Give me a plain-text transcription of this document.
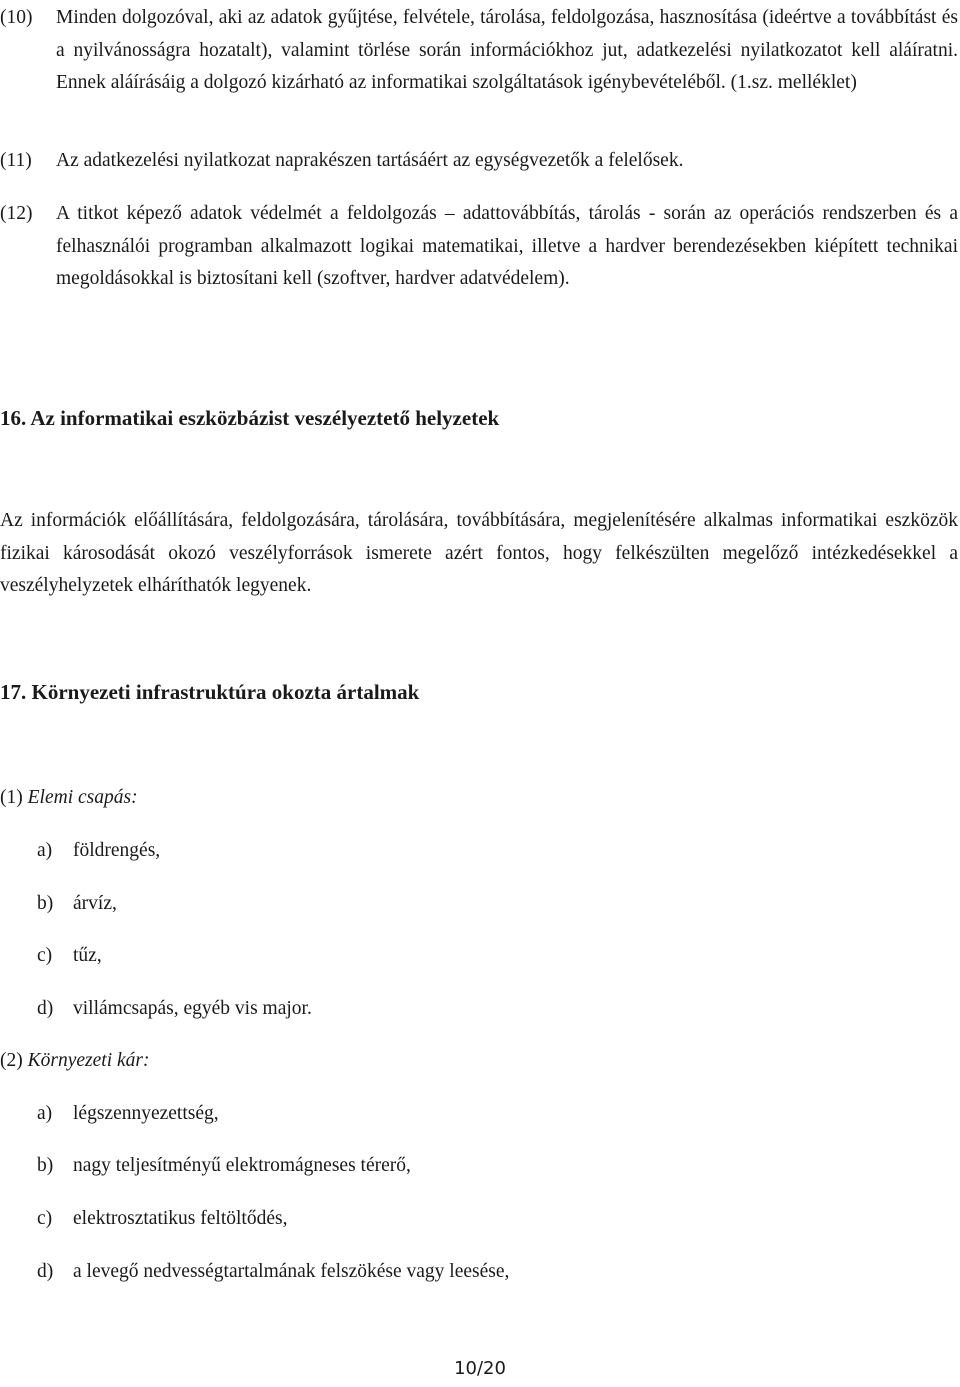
(10) Minden dolgozóval, aki az adatok gyűjtése, felvétele, tárolása, feldolgozása, hasznosítása (ideértve a továbbítást és a nyilvánosságra hozatalt), valamint törlése során információkhoz jut, adatkezelési nyilatkozatot kell aláíratni. Ennek aláírásáig a dolgozó kizárható az informatikai szolgáltatások igénybevételéből. (1.sz. melléklet)
(11) Az adatkezelési nyilatkozat naprakészen tartásáért az egységvezetők a felelősek.
(12) A titkot képező adatok védelmét a feldolgozás – adattovábbítás, tárolás - során az operációs rendszerben és a felhasználói programban alkalmazott logikai matematikai, illetve a hardver berendezésekben kiépített technikai megoldásokkal is biztosítani kell (szoftver, hardver adatvédelem).
16. Az informatikai eszközbázist veszélyeztető helyzetek
Az információk előállítására, feldolgozására, tárolására, továbbítására, megjelenítésére alkalmas informatikai eszközök fizikai károsodását okozó veszélyforrások ismerete azért fontos, hogy felkészülten megelőző intézkedésekkel a veszélyhelyzetek elháríthatók legyenek.
17. Környezeti infrastruktúra okozta ártalmak
(1) Elemi csapás:
a) földrengés,
b) árvíz,
c) tűz,
d) villámcsapás, egyéb vis major.
(2) Környezeti kár:
a) légszennyezettség,
b) nagy teljesítményű elektromágneses térerő,
c) elektrosztatikus feltöltődés,
d) a levegő nedvességtartalmának felszökése vagy leesése,
10/20
